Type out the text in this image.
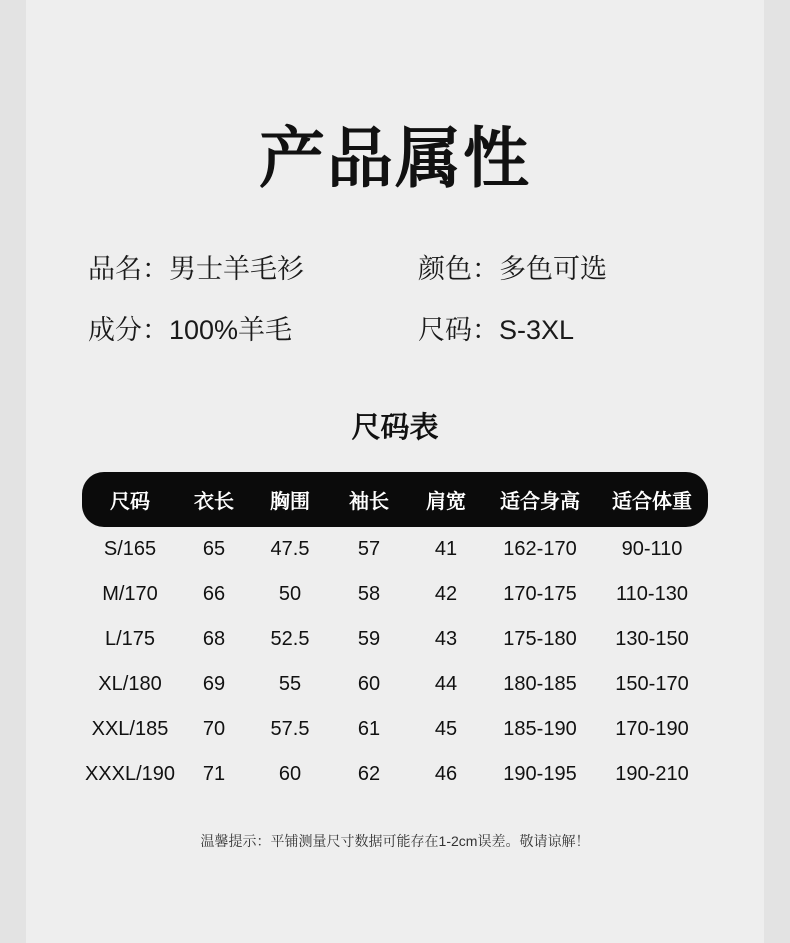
产品属性
品名：男士羊毛衫	颜色：多色可选
成分：100%羊毛	尺码：S-3XL
尺码表
尺码	衣长	胸围	袖长	肩宽	适合身高	适合体重
S/165	65	47.5	57	41	162-170	90-110
M/170	66	50	58	42	170-175	110-130
L/175	68	52.5	59	43	175-180	130-150
XL/180	69	55	60	44	180-185	150-170
XXL/185	70	57.5	61	45	185-190	170-190
XXXL/190	71	60	62	46	190-195	190-210
温馨提示：平铺测量尺寸数据可能存在1-2cm误差。敬请谅解！
